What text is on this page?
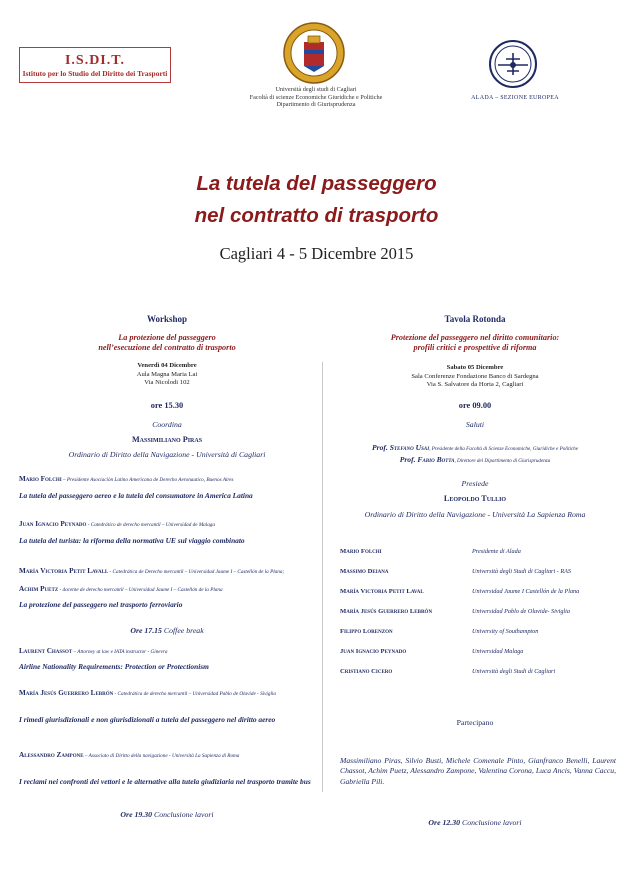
I.S.DI.T.
Istituto per lo Studio del Diritto dei Trasporti
Università degli studi di Cagliari
Facoltà di scienze Economiche Giuridiche e Politiche
Dipartimento di Giurisprudenza
ALADA – SEZIONE EUROPEA
La tutela del passeggero
nel contratto di trasporto
Cagliari 4 - 5 Dicembre 2015
Workshop
La protezione del passeggero
nell’esecuzione del contratto di trasporto
Venerdì 04 Dicembre
Aula Magna Maria Lai
Via Nicolodi 102
ore 15.30
Coordina
Massimiliano Piras
Ordinario di Diritto della Navigazione - Università di Cagliari
Mario Folchi – Presidente Asociaciòn Latino Americana de Derecho Aeronautico, Buenos Aires
La tutela del passeggero aereo e la tutela del consumatore in America Latina
Juan Ignacio Peynado - Catedrático de derecho mercantil – Universidad de Malaga
La tutela del turista: la riforma della normativa UE sul viaggio combinato
María Victoria Petit Lavall - Catedrática de Derecho mercantil – Universidad Jaume I – Castellón de la Plana;
Achim Puetz - docente de derecho mercantil – Universidad Jaume I – Castellón de la Plana
La protezione del passeggero nel trasporto ferroviario
Ore 17.15 Coffee break
Laurent Chassot – Attorney at law e IATA instructor - Ginevra
Airline Nationality Requirements: Protection or Protectionism
María Jesús Guerrero Lebrón - Catedrática de derecho mercantil – Universidad Pablo de Olavide - Siviglia
I rimedi giurisdizionali e non giurisdizionali a tutela del passeggero nel diritto aereo
Alessandro Zampone – Associato di Diritto della navigazione - Università La Sapienza di Roma
I reclami nei confronti dei vettori e le alternative alla tutela giudiziaria nel trasporto tramite bus
Ore 19.30 Conclusione lavori
Tavola Rotonda
Protezione del passeggero nel diritto comunitario:
profili critici e prospettive di riforma
Sabato 05 Dicembre
Sala Conferenze Fondazione Banco di Sardegna
Via S. Salvatore da Horta 2, Cagliari
ore 09.00
Saluti
Prof. Stefano Usai, Presidente della Facoltà di Scienze Economiche, Giuridiche e Politiche
Prof. Fabio Botta, Direttore del Dipartimento di Giurisprudenza
Presiede
Leopoldo Tullio
Ordinario di Diritto della Navigazione - Università La Sapienza Roma
Mario Folchi	Presidente di Alada
Massimo Deiana	Università degli Studi di Cagliari - RAS
María Victoria Petit Laval	Universidad Jaume I Castellón de la Plana
María Jesús Guerrero Lebrón	Universidad Pablo de Olavide- Siviglia
Filippo Lorenzon	University of Southampton
Juan Ignacio Peynado	Universidad Malaga
Cristiano Cicero	Università degli Studi di Cagliari
Partecipano
Massimiliano Piras, Silvio Busti, Michele Comenale Pinto, Gianfranco Benelli, Laurent Chassot, Achim Puetz, Alessandro Zampone, Valentina Corona, Luca Ancis, Vanna Caccu, Gabriella Pili.
Ore 12.30 Conclusione lavori
